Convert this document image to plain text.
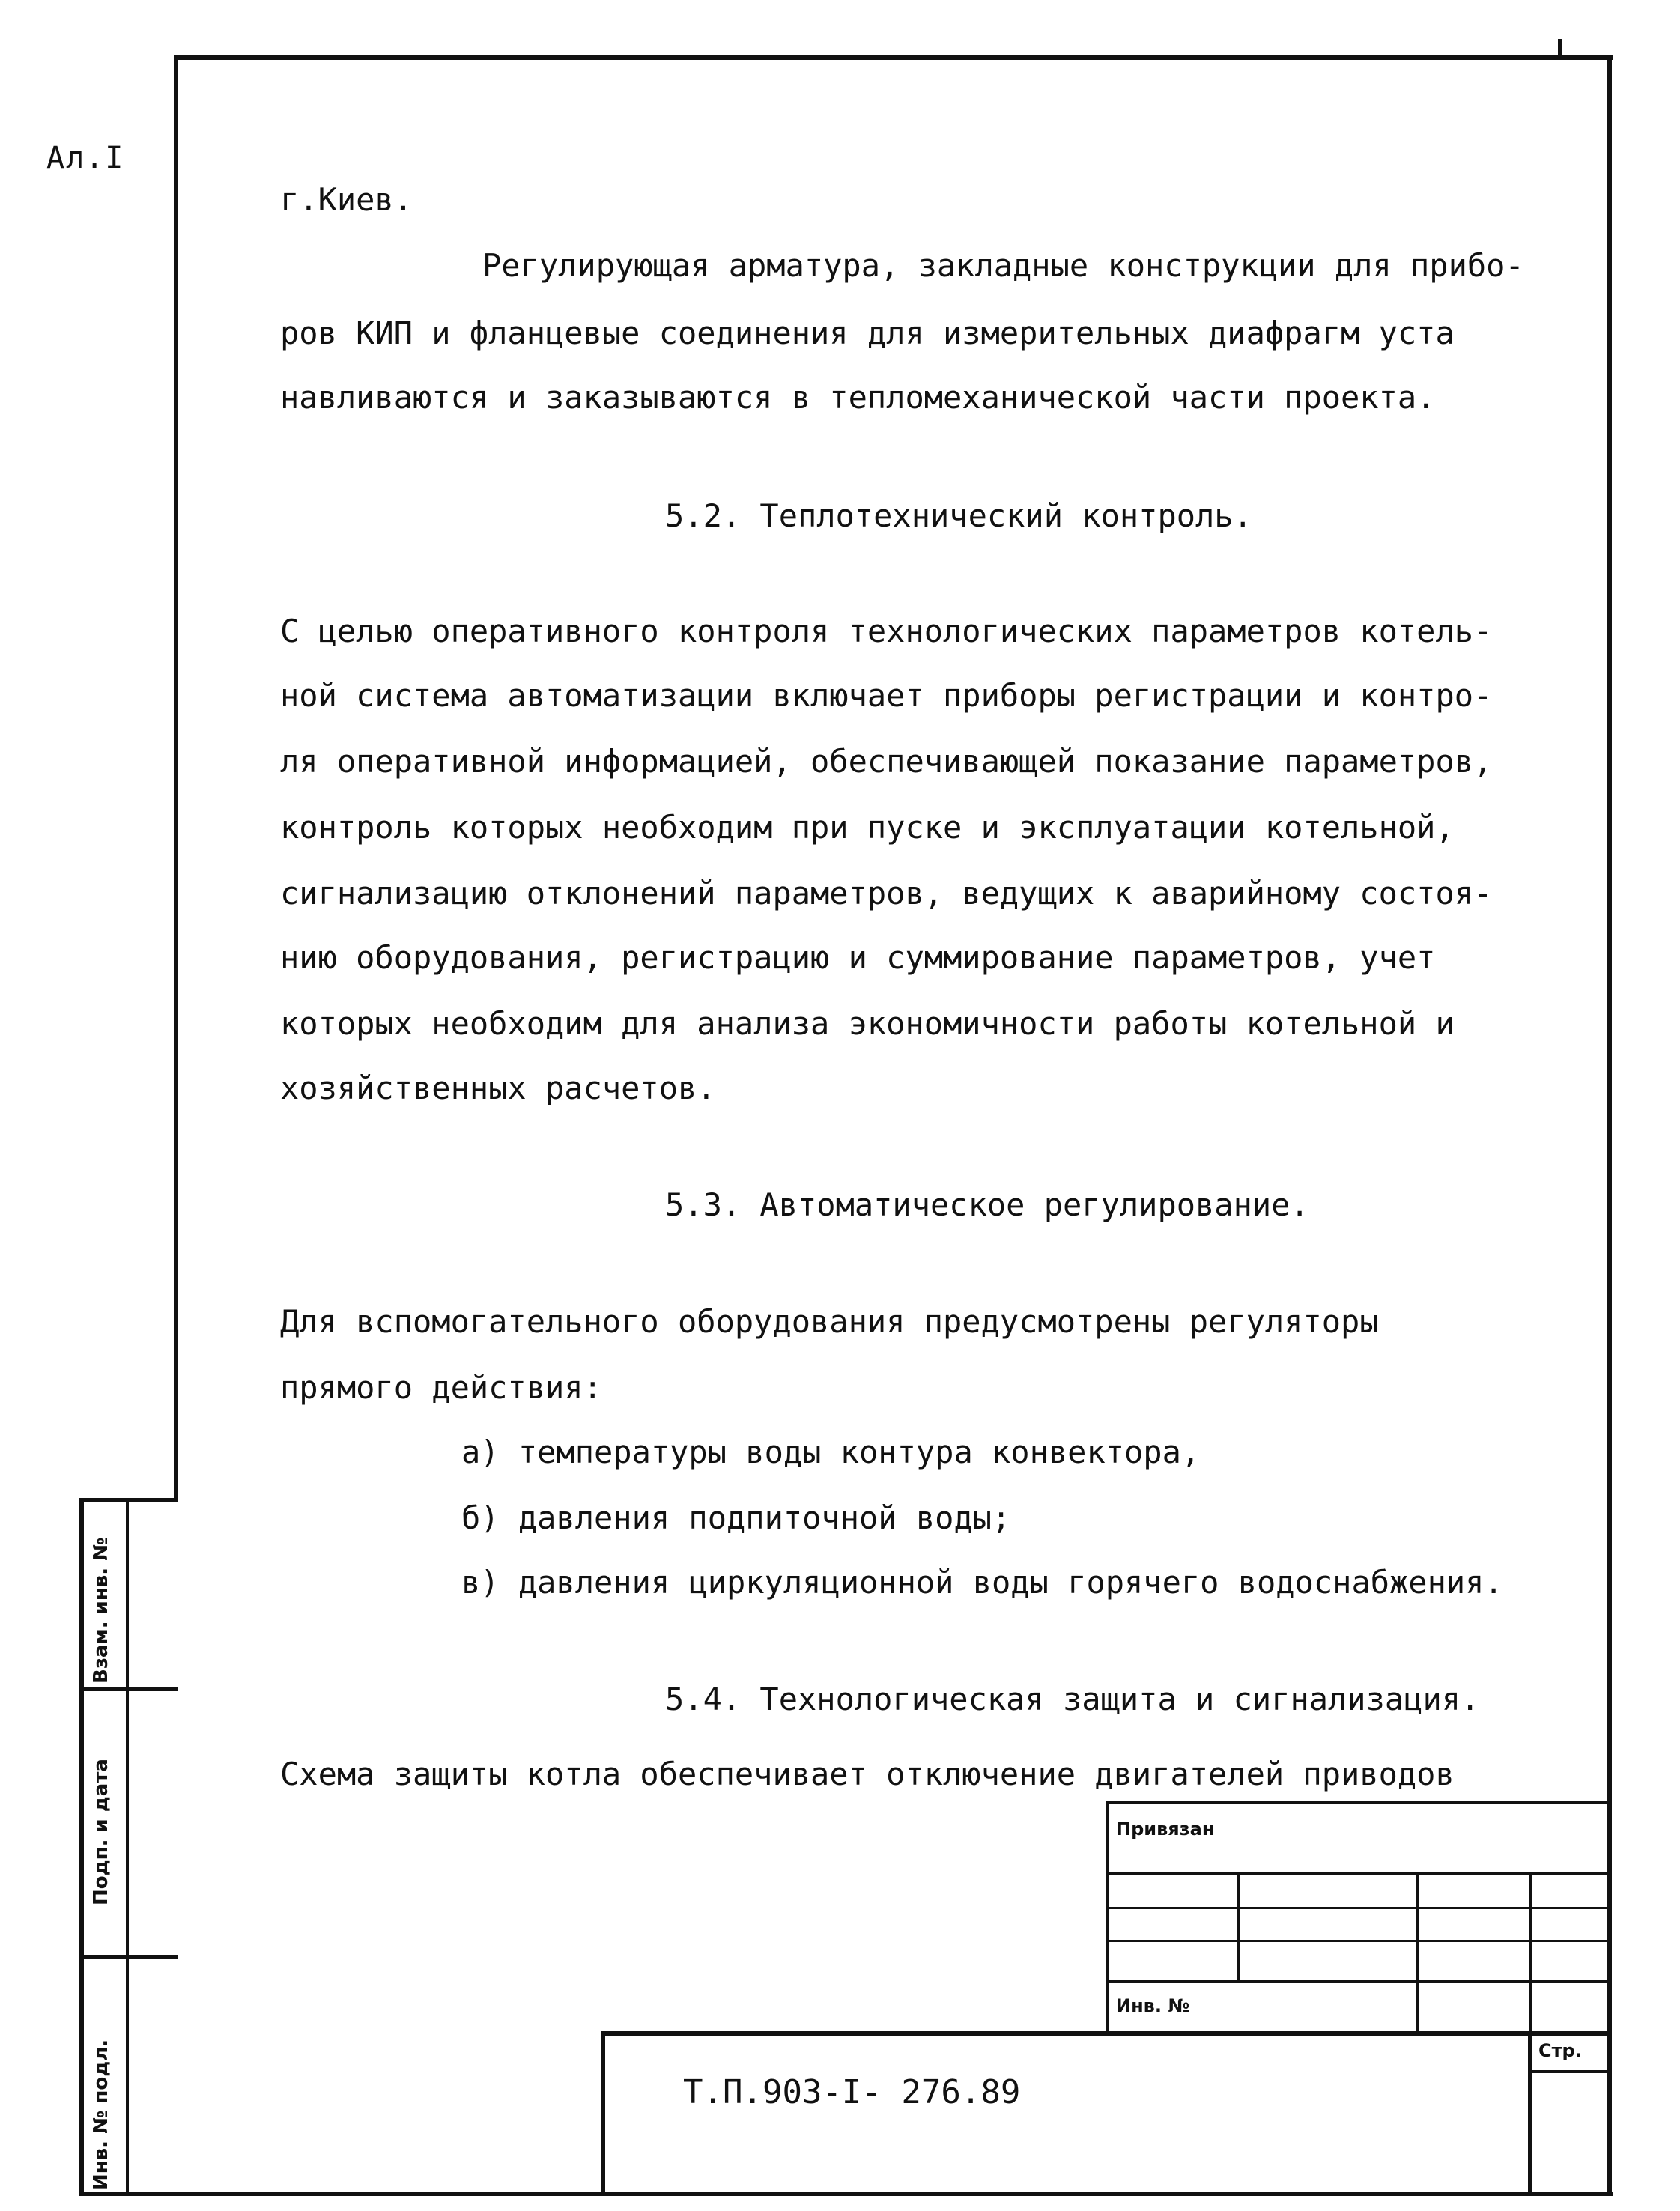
Ал.I
г.Киев.
Регулирующая арматура, закладные конструкции для прибо-
ров КИП и фланцевые соединения для измерительных диафрагм уста
навливаются и заказываются в тепломеханической части проекта.
5.2. Теплотехнический контроль.
С целью оперативного контроля технологических параметров котель-
ной система автоматизации включает приборы регистрации и контро-
ля оперативной информацией, обеспечивающей показание параметров,
контроль которых необходим при пуске и эксплуатации котельной,
сигнализацию отклонений параметров, ведущих к аварийному состоя-
нию оборудования, регистрацию и суммирование параметров, учет
которых необходим для анализа экономичности работы котельной и
хозяйственных расчетов.
5.3. Автоматическое регулирование.
Для вспомогательного оборудования предусмотрены регуляторы
прямого действия:
а) температуры воды контура конвектора,
б) давления подпиточной воды;
в) давления циркуляционной воды горячего водоснабжения.
5.4. Технологическая защита и сигнализация.
Схема защиты котла обеспечивает отключение двигателей приводов
Взам. инв. №
Подп. и дата
Инв. № подл.
Привязан
Инв. №
Стр.
Т.П.903-I- 276.89
